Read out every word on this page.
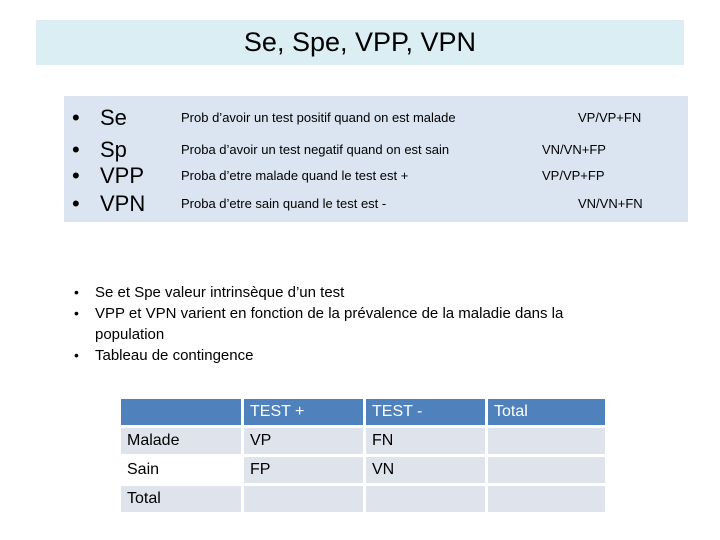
Se, Spe, VPP, VPN
• Se	Prob d’avoir un test positif quand on est malade	VP/VP+FN
• Sp	Proba d’avoir un test negatif quand on est sain	VN/VN+FP
• VPP	Proba d’etre malade quand le test est +	VP/VP+FP
• VPN	Proba d’etre sain quand le test est -	VN/VN+FN
• Se et Spe valeur intrinsèque d’un test
• VPP et VPN varient en fonction de la prévalence de la maladie dans la population
• Tableau de contingence
	TEST +	TEST -	Total
Malade	VP	FN	
Sain	FP	VN	
Total			
